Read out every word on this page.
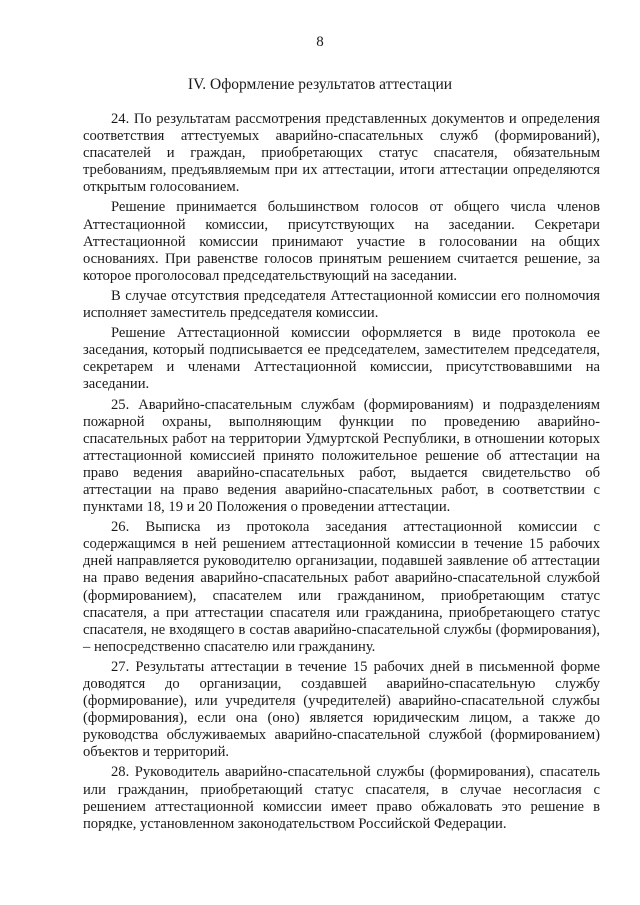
8
IV. Оформление результатов аттестации

24. По результатам рассмотрения представленных документов и определения соответствия аттестуемых аварийно-спасательных служб (формирований), спасателей и граждан, приобретающих статус спасателя, обязательным требованиям, предъявляемым при их аттестации, итоги аттестации определяются открытым голосованием.

Решение принимается большинством голосов от общего числа членов Аттестационной комиссии, присутствующих на заседании. Секретари Аттестационной комиссии принимают участие в голосовании на общих основаниях. При равенстве голосов принятым решением считается решение, за которое проголосовал председательствующий на заседании.

В случае отсутствия председателя Аттестационной комиссии его полномочия исполняет заместитель председателя комиссии.

Решение Аттестационной комиссии оформляется в виде протокола ее заседания, который подписывается ее председателем, заместителем председателя, секретарем и членами Аттестационной комиссии, присутствовавшими на заседании.

25. Аварийно-спасательным службам (формированиям) и подразделениям пожарной охраны, выполняющим функции по проведению аварийно-спасательных работ на территории Удмуртской Республики, в отношении которых аттестационной комиссией принято положительное решение об аттестации на право ведения аварийно-спасательных работ, выдается свидетельство об аттестации на право ведения аварийно-спасательных работ, в соответствии с пунктами 18, 19 и 20 Положения о проведении аттестации.

26. Выписка из протокола заседания аттестационной комиссии с содержащимся в ней решением аттестационной комиссии в течение 15 рабочих дней направляется руководителю организации, подавшей заявление об аттестации на право ведения аварийно-спасательных работ аварийно-спасательной службой (формированием), спасателем или гражданином, приобретающим статус спасателя, а при аттестации спасателя или гражданина, приобретающего статус спасателя, не входящего в состав аварийно-спасательной службы (формирования), – непосредственно спасателю или гражданину.

27. Результаты аттестации в течение 15 рабочих дней в письменной форме доводятся до организации, создавшей аварийно-спасательную службу (формирование), или учредителя (учредителей) аварийно-спасательной службы (формирования), если она (оно) является юридическим лицом, а также до руководства обслуживаемых аварийно-спасательной службой (формированием) объектов и территорий.

28. Руководитель аварийно-спасательной службы (формирования), спасатель или гражданин, приобретающий статус спасателя, в случае несогласия с решением аттестационной комиссии имеет право обжаловать это решение в порядке, установленном законодательством Российской Федерации.
